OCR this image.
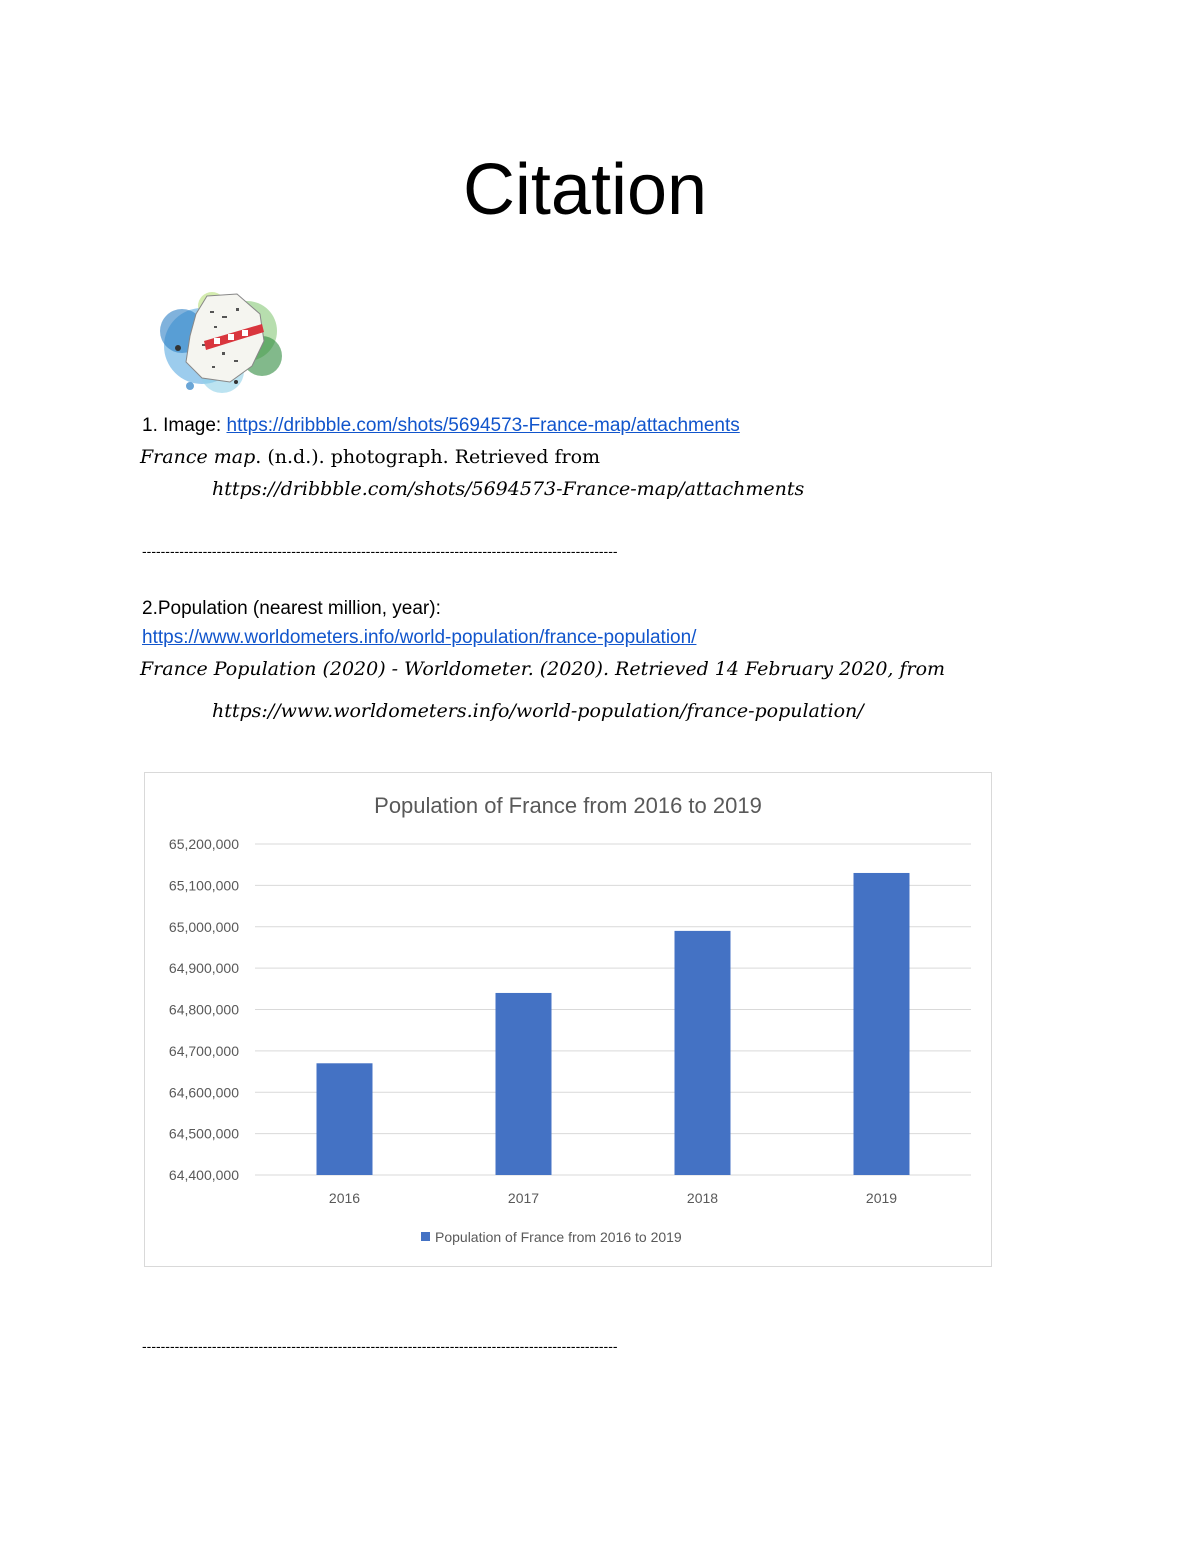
Citation
1. Image: https://dribbble.com/shots/5694573-France-map/attachments
France map. (n.d.). photograph. Retrieved from
https://dribbble.com/shots/5694573-France-map/attachments
------------------------------------------------------------------------------------------------------
2.Population (nearest million, year):
https://www.worldometers.info/world-population/france-population/
France Population (2020) - Worldometer. (2020). Retrieved 14 February 2020, from
https://www.worldometers.info/world-population/france-population/
Population of France from 2016 to 2019
64,400,000
64,500,000
64,600,000
64,700,000
64,800,000
64,900,000
65,000,000
65,100,000
65,200,000
2016	2017	2018	2019
Population of France from 2016 to 2019
------------------------------------------------------------------------------------------------------
